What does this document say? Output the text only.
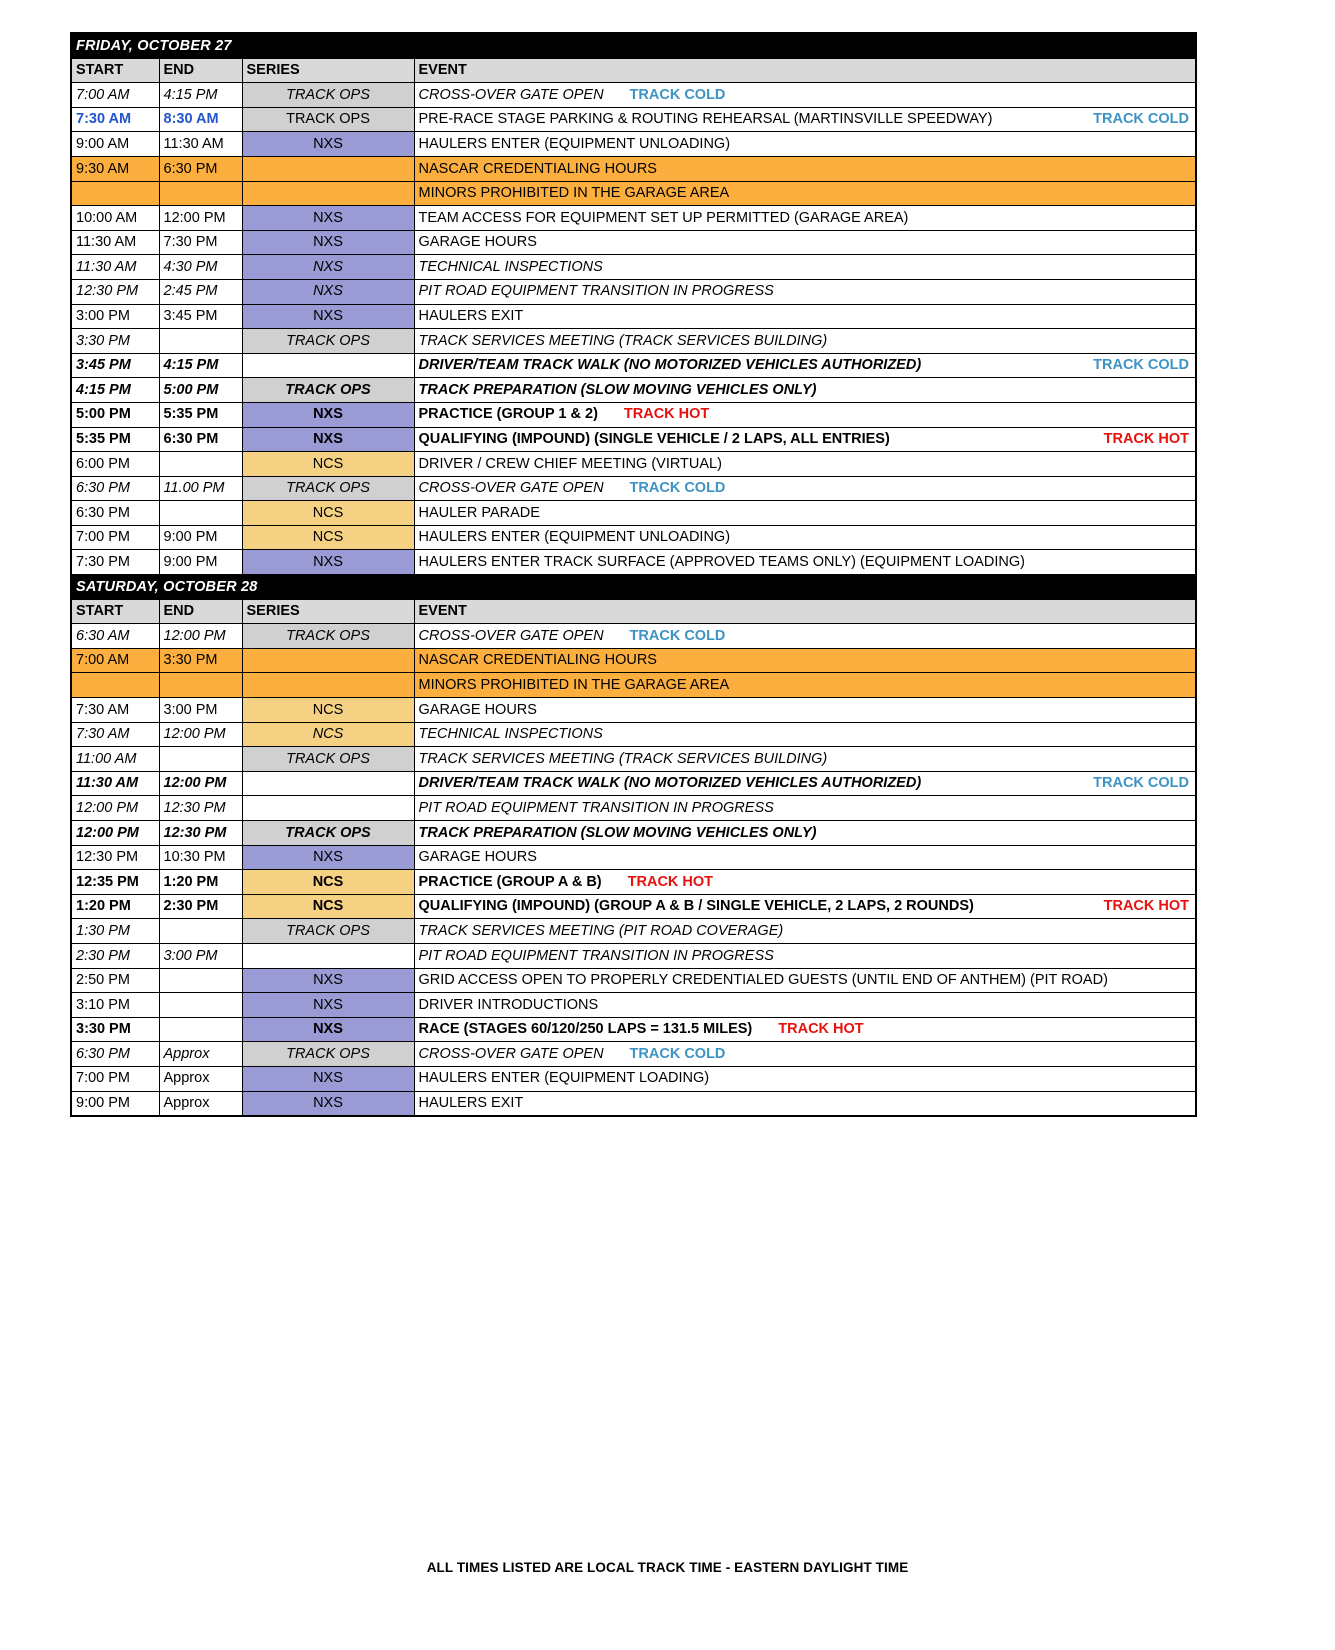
FRIDAY, OCTOBER 27			
START	END	SERIES	EVENT
7:00 AM	4:15 PM	TRACK OPS	CROSS-OVER GATE OPEN TRACK COLD
7:30 AM	8:30 AM	TRACK OPS	PRE-RACE STAGE PARKING & ROUTING REHEARSAL (MARTINSVILLE SPEEDWAY) TRACK COLD

9:00 AM	11:30 AM	NXS	HAULERS ENTER (EQUIPMENT UNLOADING)
9:30 AM	6:30 PM		NASCAR CREDENTIALING HOURS
			MINORS PROHIBITED IN THE GARAGE AREA
10:00 AM	12:00 PM	NXS	TEAM ACCESS FOR EQUIPMENT SET UP PERMITTED (GARAGE AREA)
11:30 AM	7:30 PM	NXS	GARAGE HOURS
11:30 AM	4:30 PM	NXS	TECHNICAL INSPECTIONS
12:30 PM	2:45 PM	NXS	PIT ROAD EQUIPMENT TRANSITION IN PROGRESS
3:00 PM	3:45 PM	NXS	HAULERS EXIT
3:30 PM		TRACK OPS	TRACK SERVICES MEETING (TRACK SERVICES BUILDING)
3:45 PM	4:15 PM		DRIVER/TEAM TRACK WALK (NO MOTORIZED VEHICLES AUTHORIZED) TRACK COLD

4:15 PM	5:00 PM	TRACK OPS	TRACK PREPARATION (SLOW MOVING VEHICLES ONLY)
5:00 PM	5:35 PM	NXS	PRACTICE (GROUP 1 & 2) TRACK HOT
5:35 PM	6:30 PM	NXS	QUALIFYING (IMPOUND) (SINGLE VEHICLE / 2 LAPS, ALL ENTRIES) TRACK HOT

6:00 PM		NCS	DRIVER / CREW CHIEF MEETING (VIRTUAL)
6:30 PM	11.00 PM	TRACK OPS	CROSS-OVER GATE OPEN TRACK COLD
6:30 PM		NCS	HAULER PARADE
7:00 PM	9:00 PM	NCS	HAULERS ENTER (EQUIPMENT UNLOADING)
7:30 PM	9:00 PM	NXS	HAULERS ENTER TRACK SURFACE (APPROVED TEAMS ONLY) (EQUIPMENT LOADING)
SATURDAY, OCTOBER 28			
START	END	SERIES	EVENT
6:30 AM	12:00 PM	TRACK OPS	CROSS-OVER GATE OPEN TRACK COLD
7:00 AM	3:30 PM		NASCAR CREDENTIALING HOURS
			MINORS PROHIBITED IN THE GARAGE AREA
7:30 AM	3:00 PM	NCS	GARAGE HOURS
7:30 AM	12:00 PM	NCS	TECHNICAL INSPECTIONS
11:00 AM		TRACK OPS	TRACK SERVICES MEETING (TRACK SERVICES BUILDING)
11:30 AM	12:00 PM		DRIVER/TEAM TRACK WALK (NO MOTORIZED VEHICLES AUTHORIZED) TRACK COLD

12:00 PM	12:30 PM		PIT ROAD EQUIPMENT TRANSITION IN PROGRESS
12:00 PM	12:30 PM	TRACK OPS	TRACK PREPARATION (SLOW MOVING VEHICLES ONLY)
12:30 PM	10:30 PM	NXS	GARAGE HOURS
12:35 PM	1:20 PM	NCS	PRACTICE (GROUP A & B) TRACK HOT
1:20 PM	2:30 PM	NCS	QUALIFYING (IMPOUND) (GROUP A & B / SINGLE VEHICLE, 2 LAPS, 2 ROUNDS) TRACK HOT

1:30 PM		TRACK OPS	TRACK SERVICES MEETING (PIT ROAD COVERAGE)
2:30 PM	3:00 PM		PIT ROAD EQUIPMENT TRANSITION IN PROGRESS
2:50 PM		NXS	GRID ACCESS OPEN TO PROPERLY CREDENTIALED GUESTS (UNTIL END OF ANTHEM) (PIT ROAD)
3:10 PM		NXS	DRIVER INTRODUCTIONS
3:30 PM		NXS	RACE (STAGES 60/120/250 LAPS = 131.5 MILES) TRACK HOT
6:30 PM	Approx	TRACK OPS	CROSS-OVER GATE OPEN TRACK COLD
7:00 PM	Approx	NXS	HAULERS ENTER (EQUIPMENT LOADING)
9:00 PM	Approx	NXS	HAULERS EXIT
ALL TIMES LISTED ARE LOCAL TRACK TIME - EASTERN DAYLIGHT TIME
